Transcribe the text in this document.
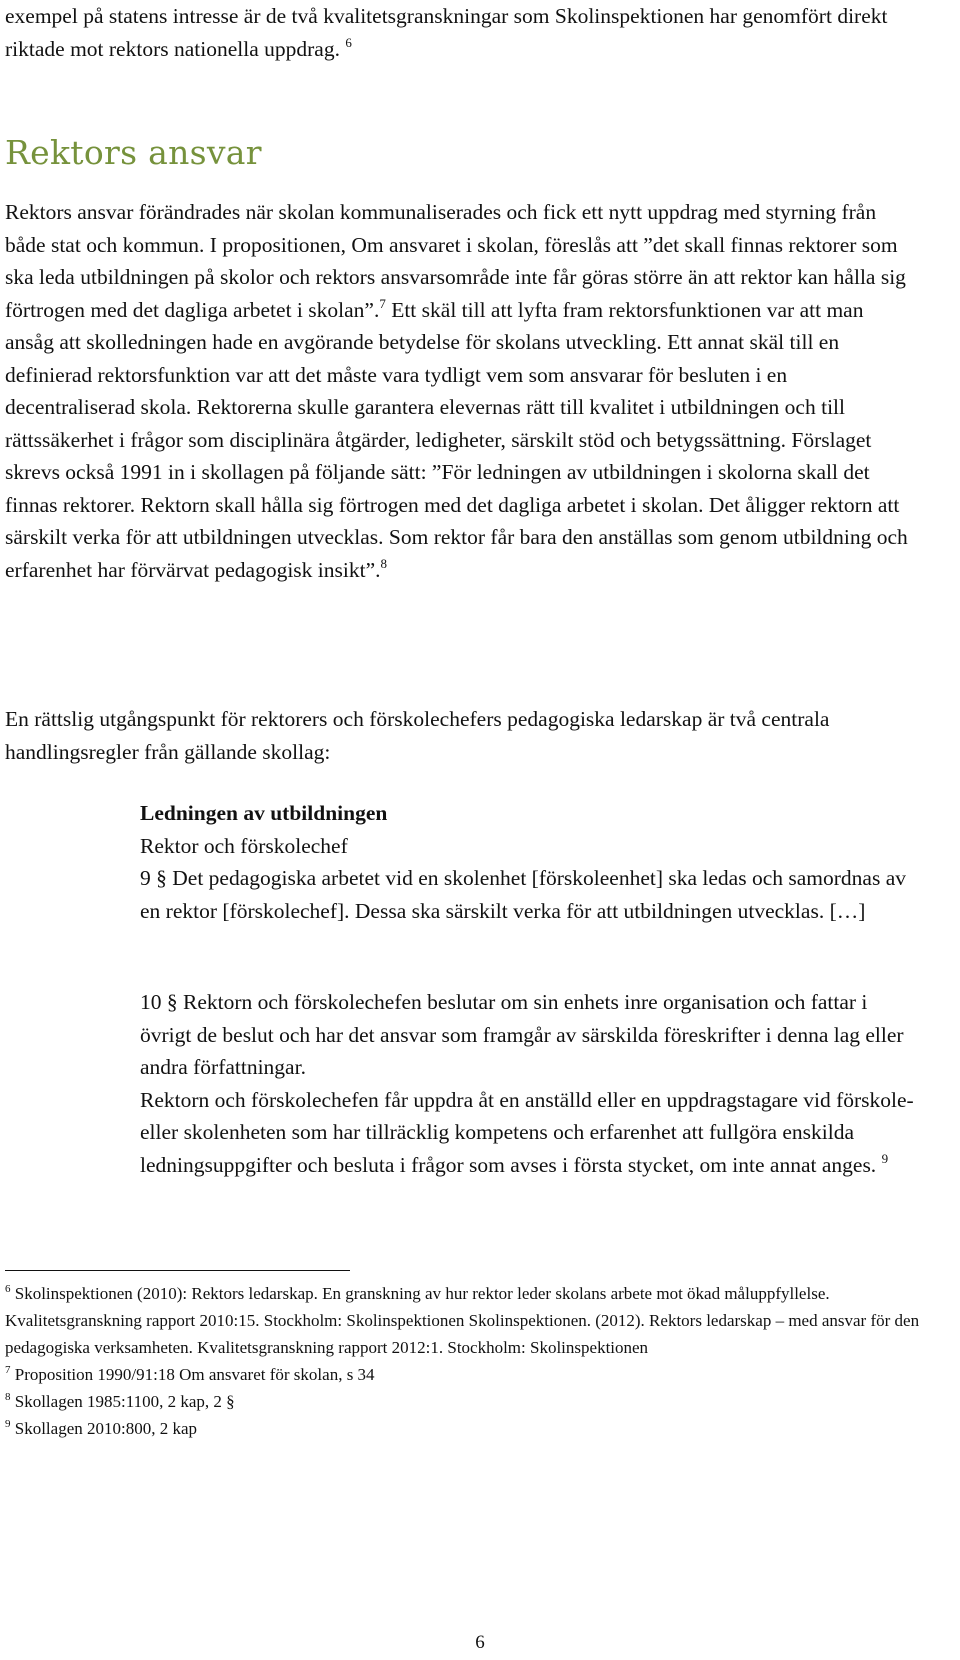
exempel på statens intresse är de två kvalitetsgranskningar som Skolinspektionen har genomfört direkt riktade mot rektors nationella uppdrag. $^6$

Rektors ansvar

Rektors ansvar förändrades när skolan kommunaliserades och fick ett nytt uppdrag med styrning från både stat och kommun. I propositionen, Om ansvaret i skolan, föreslås att ”det skall finnas rektorer som ska leda utbildningen på skolor och rektors ansvarsområde inte får göras större än att rektor kan hålla sig förtrogen med det dagliga arbetet i skolan”.$^7$ Ett skäl till att lyfta fram rektorsfunktionen var att man ansåg att skolledningen hade en avgörande betydelse för skolans utveckling. Ett annat skäl till en definierad rektorsfunktion var att det måste vara tydligt vem som ansvarar för besluten i en decentraliserad skola. Rektorerna skulle garantera elevernas rätt till kvalitet i utbildningen och till rättssäkerhet i frågor som disciplinära åtgärder, ledigheter, särskilt stöd och betygssättning. Förslaget skrevs också 1991 in i skollagen på följande sätt: ”För ledningen av utbildningen i skolorna skall det finnas rektorer. Rektorn skall hålla sig förtrogen med det dagliga arbetet i skolan. Det åligger rektorn att särskilt verka för att utbildningen utvecklas. Som rektor får bara den anställas som genom utbildning och erfarenhet har förvärvat pedagogisk insikt”.$^8$

En rättslig utgångspunkt för rektorers och förskolechefers pedagogiska ledarskap är två centrala handlingsregler från gällande skollag:

Ledningen av utbildningen
Rektor och förskolechef
9 § Det pedagogiska arbetet vid en skolenhet [förskoleenhet] ska ledas och samordnas av en rektor [förskolechef]. Dessa ska särskilt verka för att utbildningen utvecklas. […]
10 § Rektorn och förskolechefen beslutar om sin enhets inre organisation och fattar i övrigt de beslut och har det ansvar som framgår av särskilda föreskrifter i denna lag eller andra författningar.
Rektorn och förskolechefen får uppdra åt en anställd eller en uppdragstagare vid förskole- eller skolenheten som har tillräcklig kompetens och erfarenhet att fullgöra enskilda ledningsuppgifter och besluta i frågor som avses i första stycket, om inte annat anges. $^9$

$^6$ Skolinspektionen (2010): Rektors ledarskap. En granskning av hur rektor leder skolans arbete mot ökad måluppfyllelse. Kvalitetsgranskning rapport 2010:15. Stockholm: Skolinspektionen Skolinspektionen. (2012). Rektors ledarskap – med ansvar för den pedagogiska verksamheten. Kvalitetsgranskning rapport 2012:1. Stockholm: Skolinspektionen

$^7$ Proposition 1990/91:18 Om ansvaret för skolan, s 34

$^8$ Skollagen 1985:1100, 2 kap, 2 §

$^9$ Skollagen 2010:800, 2 kap

6
